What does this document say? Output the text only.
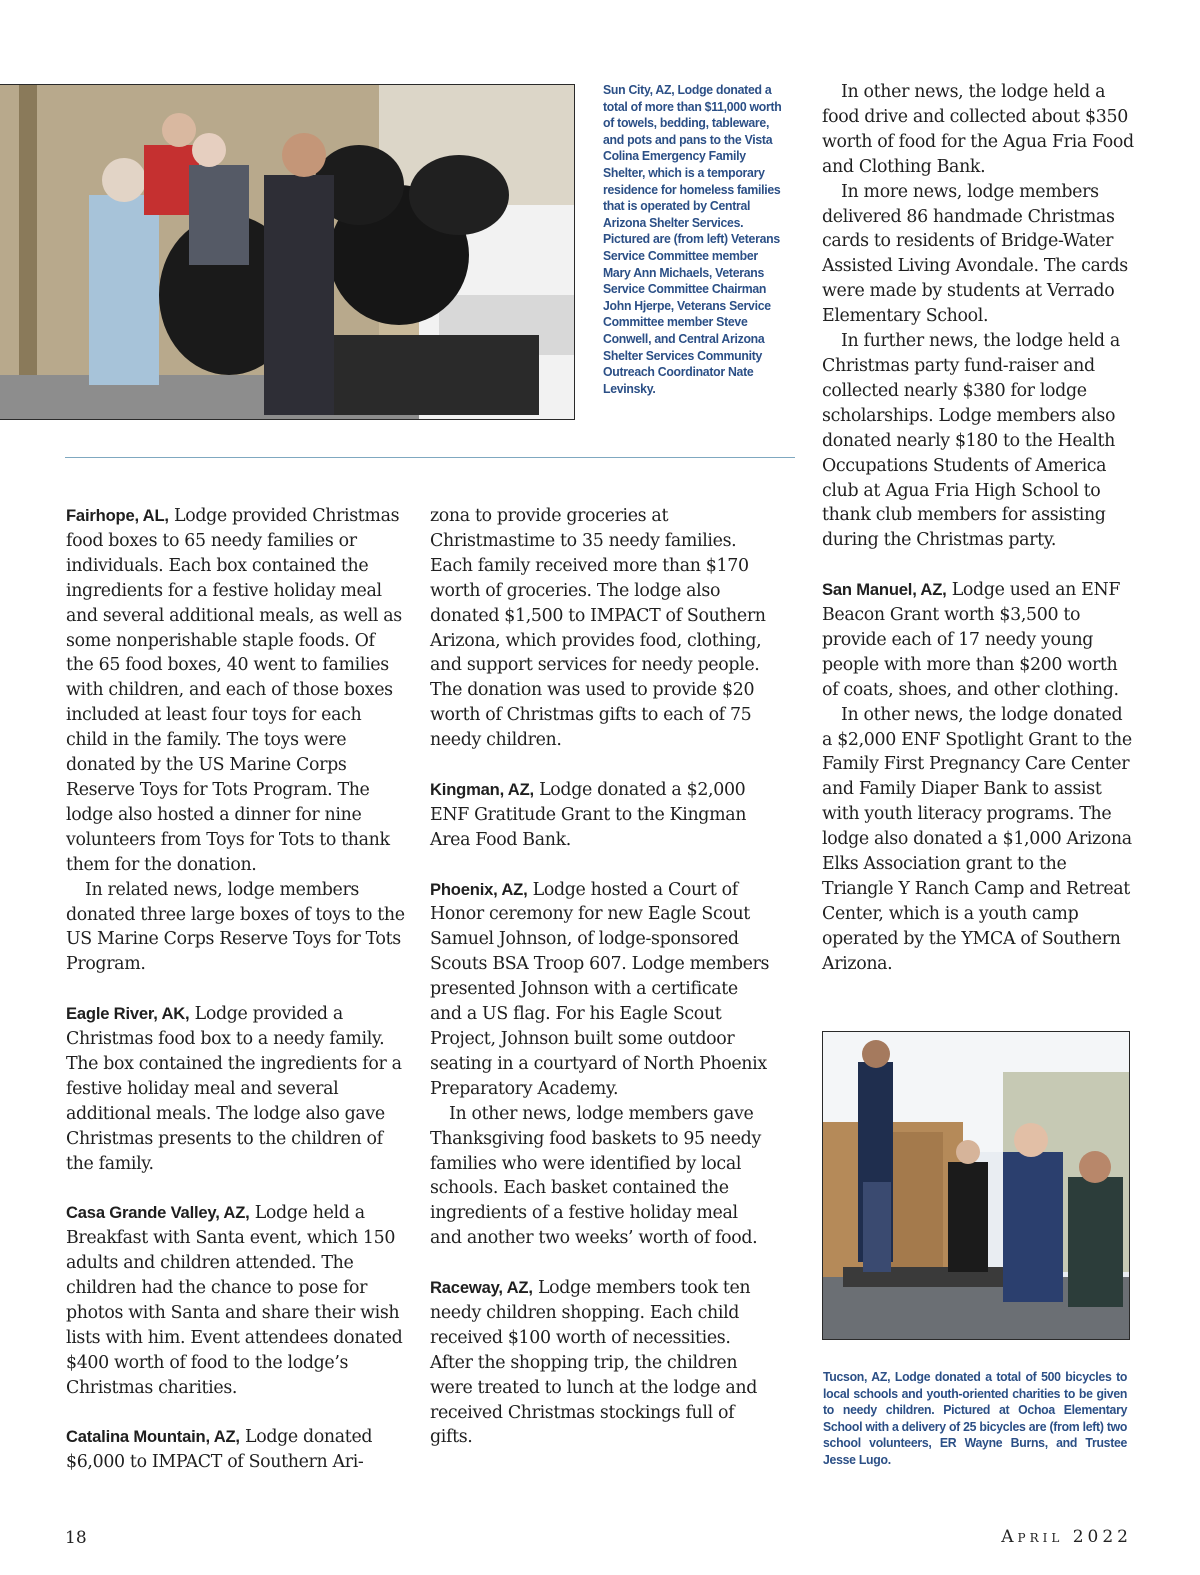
Sun City, AZ, Lodge donated a total of more than $11,000 worth of towels, bedding, tableware, and pots and pans to the Vista Colina Emergency Family Shelter, which is a temporary residence for homeless families that is operated by Central Arizona Shelter Services. Pictured are (from left) Veterans Service Committee member Mary Ann Michaels, Veterans Service Committee Chairman John Hjerpe, Veterans Service Committee member Steve Conwell, and Central Arizona Shelter Services Community Outreach Coordinator Nate Levinsky.

Fairhope, AL, Lodge provided Christmas food boxes to 65 needy families or individuals. Each box contained the ingredients for a festive holiday meal and several additional meals, as well as some nonperishable staple foods. Of the 65 food boxes, 40 went to families with children, and each of those boxes included at least four toys for each child in the family. The toys were donated by the US Marine Corps Reserve Toys for Tots Program. The lodge also hosted a dinner for nine volunteers from Toys for Tots to thank them for the donation.

In related news, lodge members donated three large boxes of toys to the US Marine Corps Reserve Toys for Tots Program.

Eagle River, AK, Lodge provided a Christmas food box to a needy family. The box contained the ingredients for a festive holiday meal and several additional meals. The lodge also gave Christmas presents to the children of the family.

Casa Grande Valley, AZ, Lodge held a Breakfast with Santa event, which 150 adults and children attended. The children had the chance to pose for photos with Santa and share their wish lists with him. Event attendees donated $400 worth of food to the lodge’s Christmas charities.

Catalina Mountain, AZ, Lodge donated $6,000 to IMPACT of Southern Ari-

zona to provide groceries at Christmastime to 35 needy families. Each family received more than $170 worth of groceries. The lodge also donated $1,500 to IMPACT of Southern Arizona, which provides food, clothing, and support services for needy people. The donation was used to provide $20 worth of Christmas gifts to each of 75 needy children.

Kingman, AZ, Lodge donated a $2,000 ENF Gratitude Grant to the Kingman Area Food Bank.

Phoenix, AZ, Lodge hosted a Court of Honor ceremony for new Eagle Scout Samuel Johnson, of lodge-sponsored Scouts BSA Troop 607. Lodge members presented Johnson with a certificate and a US flag. For his Eagle Scout Project, Johnson built some outdoor seating in a courtyard of North Phoenix Preparatory Academy.

In other news, lodge members gave Thanksgiving food baskets to 95 needy families who were identified by local schools. Each basket contained the ingredients of a festive holiday meal and another two weeks’ worth of food.

Raceway, AZ, Lodge members took ten needy children shopping. Each child received $100 worth of necessities. After the shopping trip, the children were treated to lunch at the lodge and received Christmas stockings full of gifts.

In other news, the lodge held a food drive and collected about $350 worth of food for the Agua Fria Food and Clothing Bank.

In more news, lodge members delivered 86 handmade Christmas cards to residents of Bridge-Water Assisted Living Avondale. The cards were made by students at Verrado Elementary School.

In further news, the lodge held a Christmas party fund-raiser and collected nearly $380 for lodge scholarships. Lodge members also donated nearly $180 to the Health Occupations Students of America club at Agua Fria High School to thank club members for assisting during the Christmas party.

San Manuel, AZ, Lodge used an ENF Beacon Grant worth $3,500 to provide each of 17 needy young people with more than $200 worth of coats, shoes, and other clothing.

In other news, the lodge donated a $2,000 ENF Spotlight Grant to the Family First Pregnancy Care Center and Family Diaper Bank to assist with youth literacy programs. The lodge also donated a $1,000 Arizona Elks Association grant to the Triangle Y Ranch Camp and Retreat Center, which is a youth camp operated by the YMCA of Southern Arizona.

Tucson, AZ, Lodge donated a total of 500 bicycles to local schools and youth-oriented charities to be given to needy children. Pictured at Ochoa Elementary School with a delivery of 25 bicycles are (from left) two school volunteers, ER Wayne Burns, and Trustee Jesse Lugo.
18	April 2022
